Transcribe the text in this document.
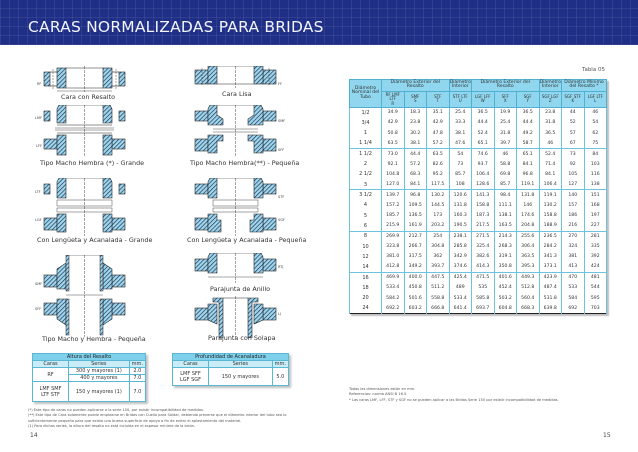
CARAS NORMALIZADAS PARA BRIDAS
RF
Cara con Resalto
FF
Cara Lisa
LMF
LFF
Tipo Macho Hembra (*) - Grande
SMF
SFF
Tipo Macho Hembra(**) - Pequeña
LTF
LGF
Con Lengüeta y Acanalada - Grande
STF
SGF
Con Lengüeta y Acanalada - Pequeña
SMF
SFF
Tipo Macho y Hembra - Pequeña
RTJ
Parajunta de Anillo
LJ
Parajunta con Solapa
Altura del Resalto		
Caras	Series	mm.
RF	300 y mayores (1)	2.0
	400 y mayores	7.0

LMF SMF
LTF STF	150 y mayores (1)	7.0
Profundidad de Acanaladura		
Caras	Series	mm.

LMF SFF
LGF SGF	150 y mayores	5.0
(*) Este tipo de caras no pueden aplicarse a la serie 150, por existir incompatibilidad de medidas.
(**) Este tipo de Cara solamente puede emplearse en Bridas con Cuello para Soldar, debiendo preverse que el diámetro interior del tubo sea lo suficientemente pequeño para que exista una buena superficie de apoyo a fin de evitar el aplastamiento del material.
(1) Para dichas series, la altura del resalto no está incluida en el espesor mínimo de la brida.
14
Tabla 05
Diámetro Nominal del Tubo	Diámetro Exterior del Resalto			Diámetro Interior	Diámetro Exterior del Resalto			Diámetro Interior	Diámetro Mínimo del Resalto *	

RF LMF LTF
R

SMF
S

STF
T

STF LTF
U

LGF LFF
W

SFF
X

SGF
Y

SGF LGF
Z

SGF STF
K

LGF LTF
L

1/2	34.9	18.3	35.1	25.4	36.5	19.9	36.5	23.8	44	46
3/4	42.9	23.8	42.9	33.3	44.4	25.4	44.4	31.8	52	54
1	50.8	30.2	47.8	38.1	52.4	31.8	49.2	36.5	57	62
1 1/4	63.5	38.1	57.2	47.6	65.1	39.7	58.7	46	67	75
1 1/2	73.0	44.4	63.5	54	74.6	46	65.1	52.4	73	84
2	92.1	57.2	82.6	73	93.7	58.8	84.1	71.4	92	103
2 1/2	104.8	68.3	95.2	85.7	106.4	69.8	96.8	84.1	105	116
3	127.0	84.1	117.5	108	128.6	85.7	119.1	106.4	127	138
3 1/2	139.7	96.8	130.2	120.6	141.3	98.4	131.8	119.1	140	151
4	157.2	109.5	144.5	131.8	158.8	111.1	146	130.2	157	168
5	185.7	136.5	173	160.3	187.3	138.1	174.6	158.8	186	197
6	215.9	161.9	203.2	190.5	217.5	163.5	204.8	188.9	216	227
8	269.9	212.7	254	238.1	271.5	214.3	255.6	236.5	270	281
10	323.8	266.7	304.8	285.8	325.4	268.3	306.4	284.2	324	335
12	381.0	317.5	362	342.9	382.6	319.1	363.5	341.3	381	392
14	412.8	349.2	393.7	374.6	414.3	350.8	395.3	373.1	413	424
16	469.9	400.0	447.5	425.4	471.5	401.6	449.3	423.9	470	481
18	533.4	450.8	511.2	489	535	452.4	512.8	487.4	533	544
20	584.2	501.6	558.8	533.4	585.8	503.2	560.4	531.8	584	595
24	692.2	603.2	666.8	641.4	693.7	604.8	668.3	639.8	692	703
Todas las dimensiones están en mm.
Referencias: norma ANSI B 16.5.
* Las caras LMF, LFF, STF y SGF no se pueden aplicar a las Bridas Serie 150 por existir incompatibilidad de medidas.
15
